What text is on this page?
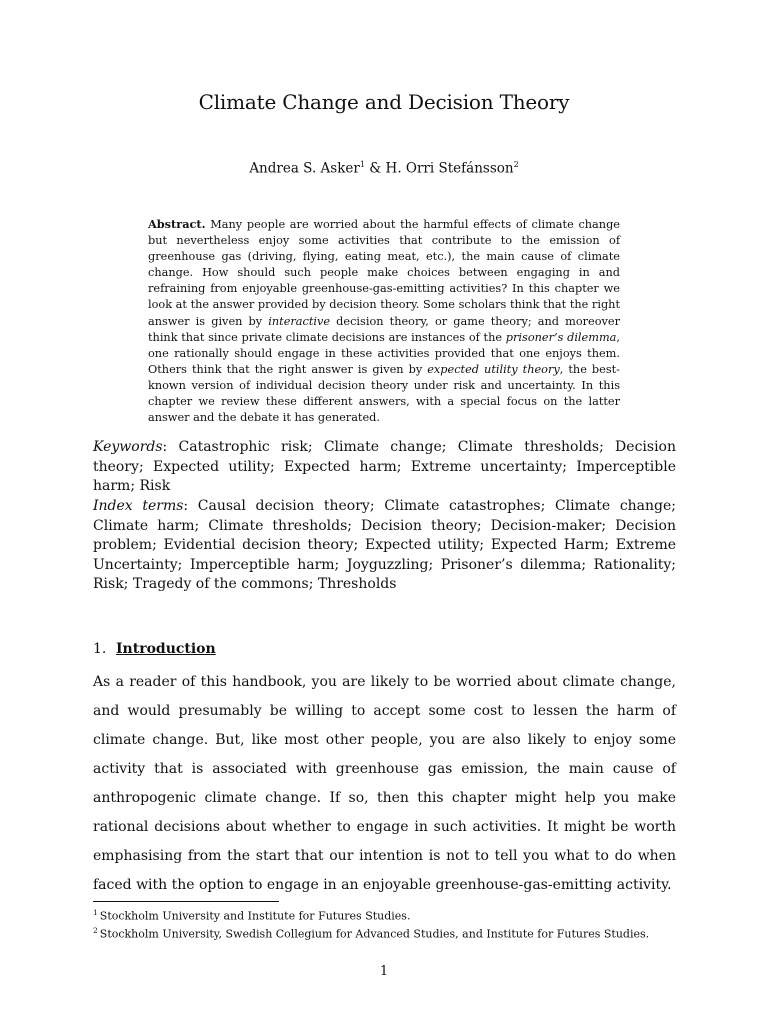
Climate Change and Decision Theory
Andrea S. Asker$^1$ & H. Orri Stefánsson$^2$
Abstract. Many people are worried about the harmful effects of climate change but nevertheless enjoy some activities that contribute to the emission of greenhouse gas (driving, flying, eating meat, etc.), the main cause of climate change. How should such people make choices between engaging in and refraining from enjoyable greenhouse-gas-emitting activities? In this chapter we look at the answer provided by decision theory. Some scholars think that the right answer is given by interactive decision theory, or game theory; and moreover think that since private climate decisions are instances of the prisoner’s dilemma, one rationally should engage in these activities provided that one enjoys them. Others think that the right answer is given by expected utility theory, the best-known version of individual decision theory under risk and uncertainty. In this chapter we review these different answers, with a special focus on the latter answer and the debate it has generated.
Keywords: Catastrophic risk; Climate change; Climate thresholds; Decision theory; Expected utility; Expected harm; Extreme uncertainty; Imperceptible harm; Risk
Index terms: Causal decision theory; Climate catastrophes; Climate change; Climate harm; Climate thresholds; Decision theory; Decision-maker; Decision problem; Evidential decision theory; Expected utility; Expected Harm; Extreme Uncertainty; Imperceptible harm; Joyguzzling; Prisoner’s dilemma; Rationality; Risk; Tragedy of the commons; Thresholds
1. Introduction
As a reader of this handbook, you are likely to be worried about climate change, and would presumably be willing to accept some cost to lessen the harm of climate change. But, like most other people, you are also likely to enjoy some activity that is associated with greenhouse gas emission, the main cause of anthropogenic climate change. If so, then this chapter might help you make rational decisions about whether to engage in such activities. It might be worth emphasising from the start that our intention is not to tell you what to do when faced with the option to engage in an enjoyable greenhouse-gas-emitting activity.
$^1$ Stockholm University and Institute for Futures Studies.
$^2$ Stockholm University, Swedish Collegium for Advanced Studies, and Institute for Futures Studies.
1
